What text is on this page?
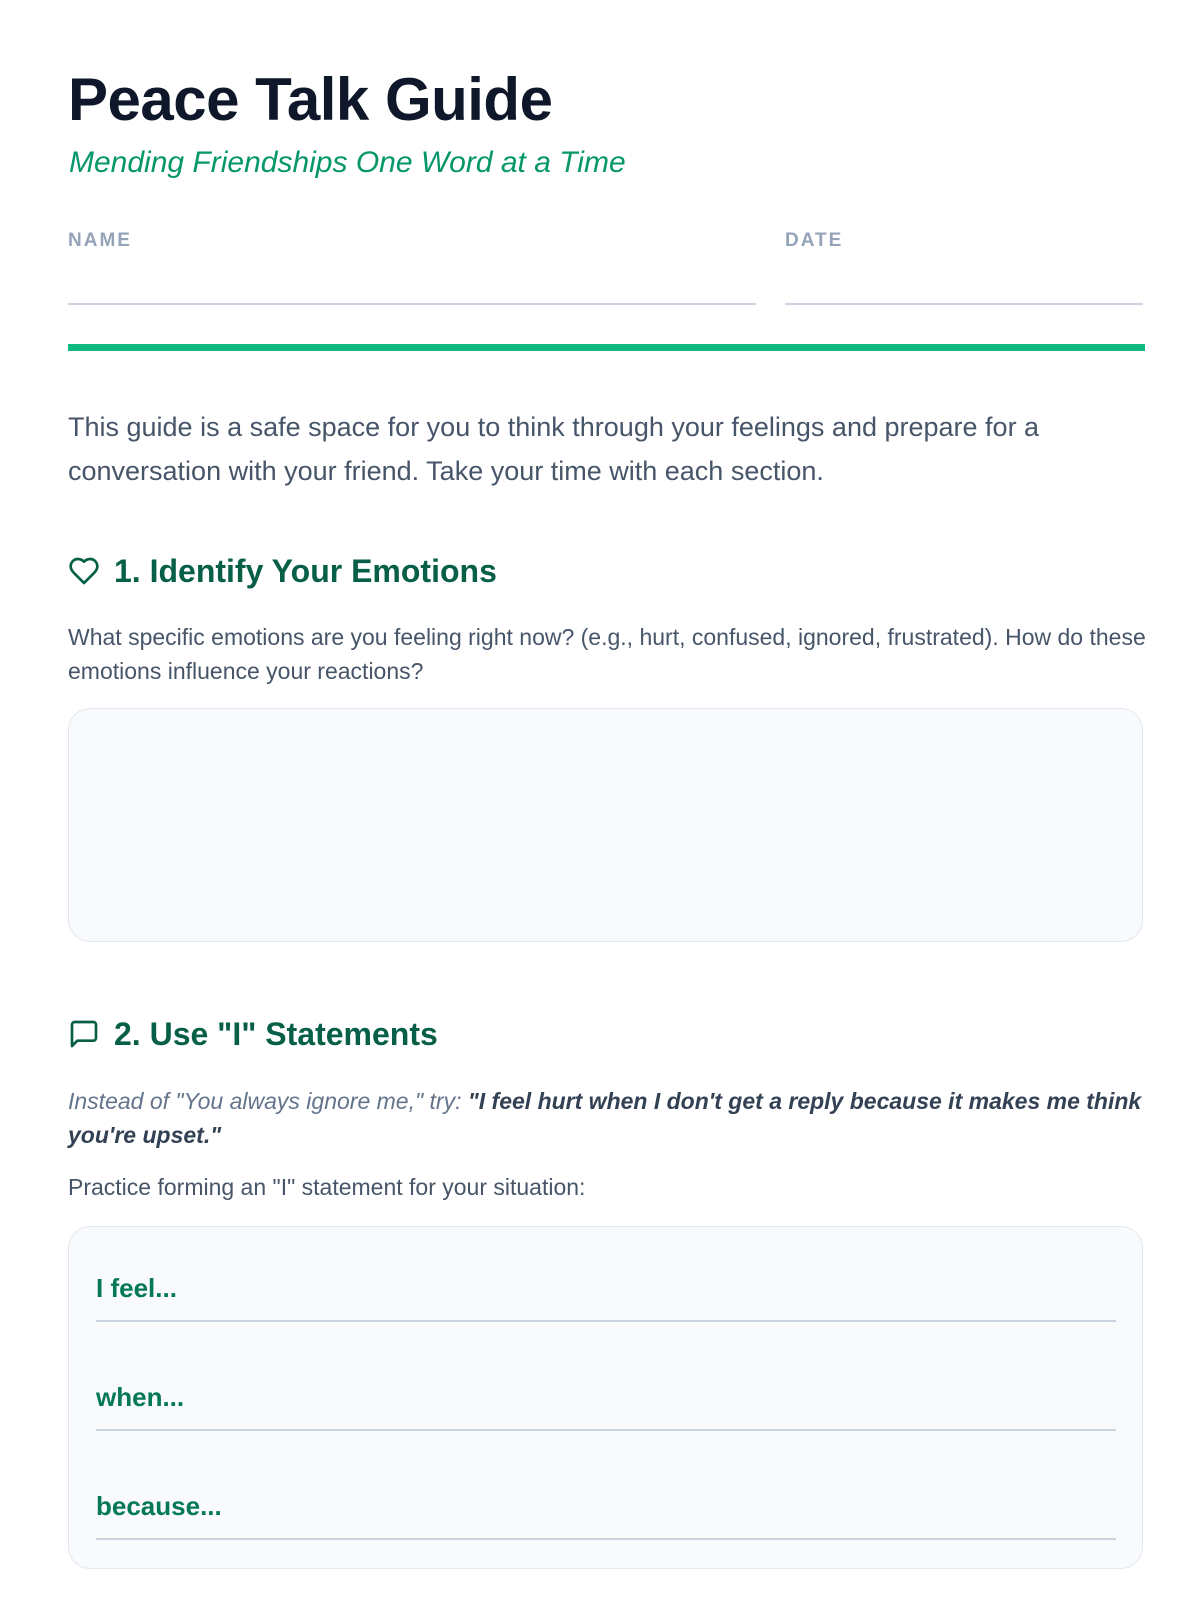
Peace Talk Guide

Mending Friendships One Word at a Time

NAME	DATE

This guide is a safe space for you to think through your feelings and prepare for a conversation with your friend. Take your time with each section.

1. Identify Your Emotions

What specific emotions are you feeling right now? (e.g., hurt, confused, ignored, frustrated). How do these emotions influence your reactions?

2. Use "I" Statements

Instead of "You always ignore me," try: "I feel hurt when I don't get a reply because it makes me think you're upset."

Practice forming an "I" statement for your situation:

I feel...

when...

because...
